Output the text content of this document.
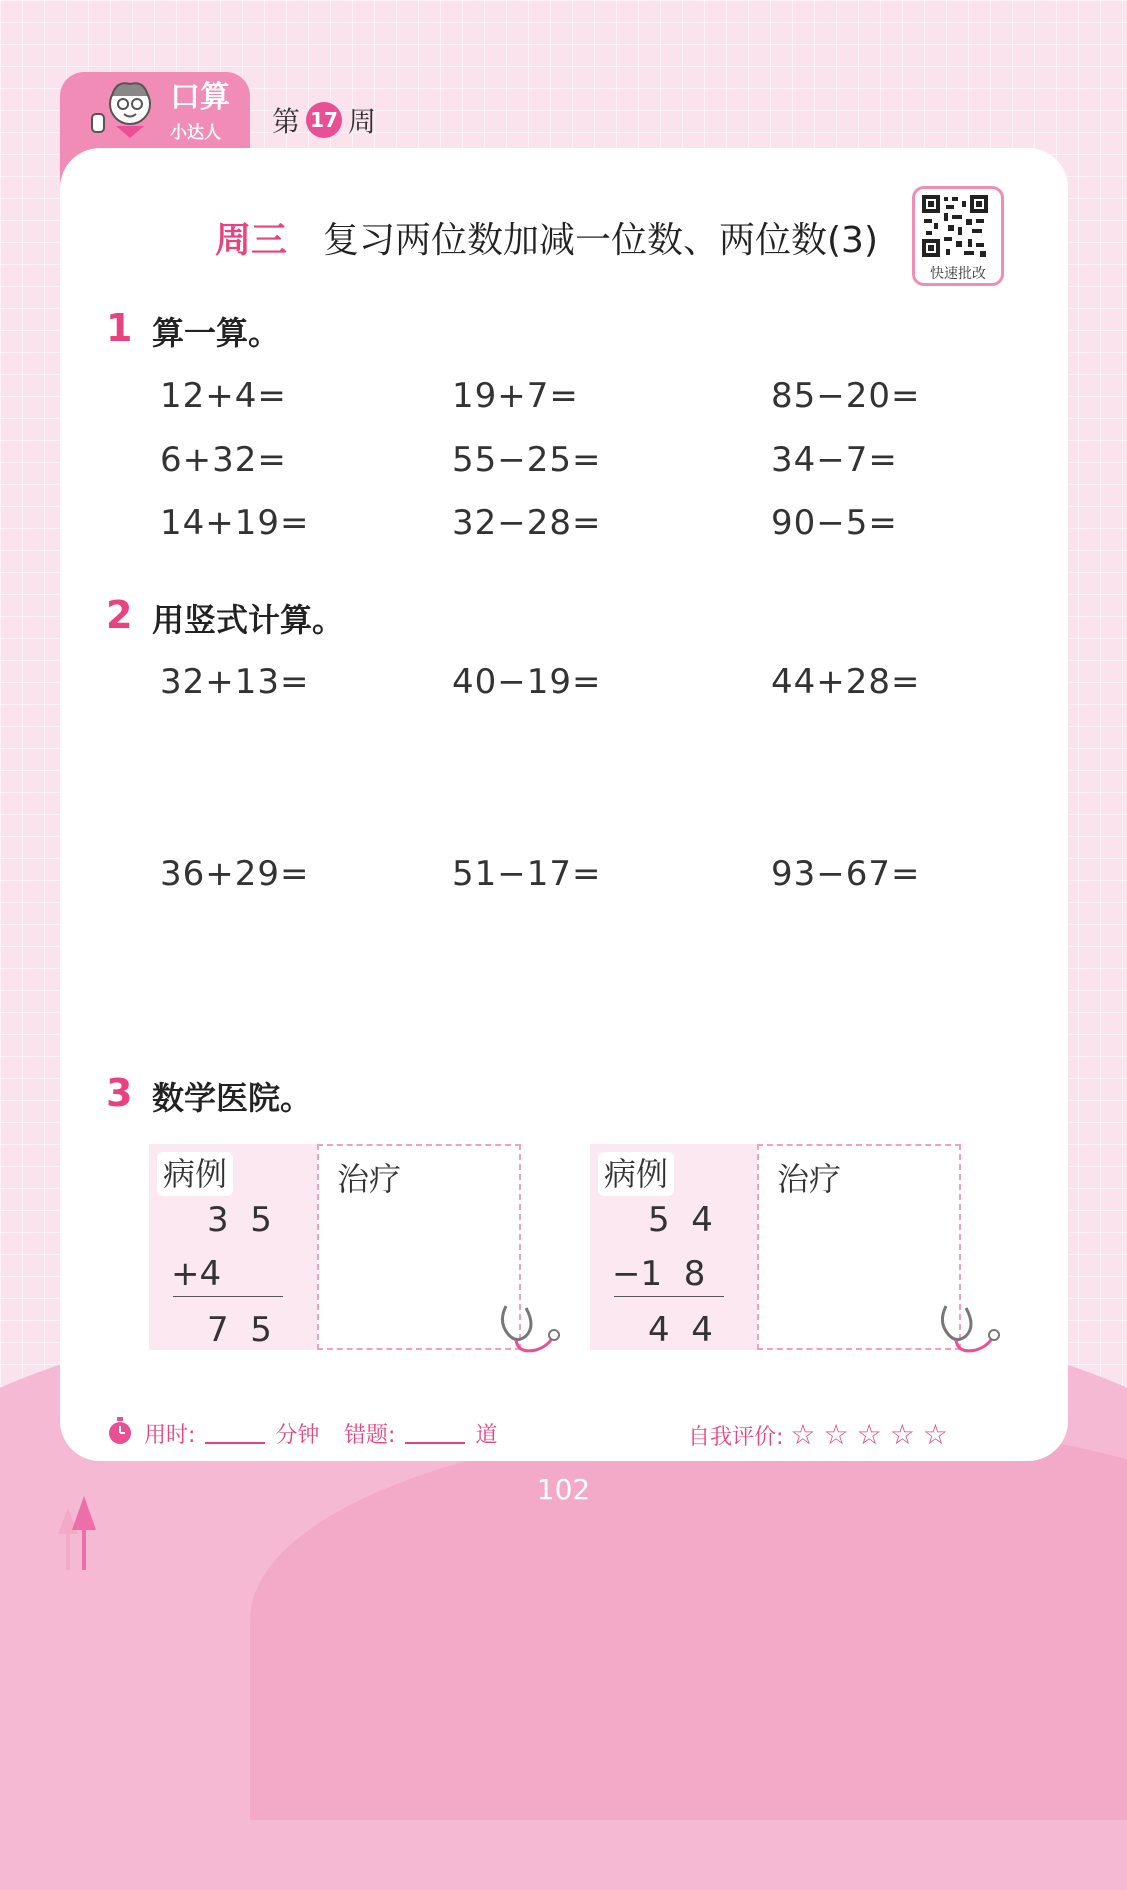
口算
小达人 第 17 周
周三 复习两位数加减一位数、两位数(3)
快速批改
1 算一算。
12+4=	19+7=	85−20=
6+32=	55−25=	34−7=
14+19=	32−28=	90−5=
2 用竖式计算。
32+13=	40−19=	44+28=
36+29=	51−17=	93−67=
3 数学医院。
病例
3  5
+4
7  5
治疗	病例
5  4
−1  8
4  4
治疗
用时:	分钟 错题:	道	自我评价: ☆☆☆☆☆
102
